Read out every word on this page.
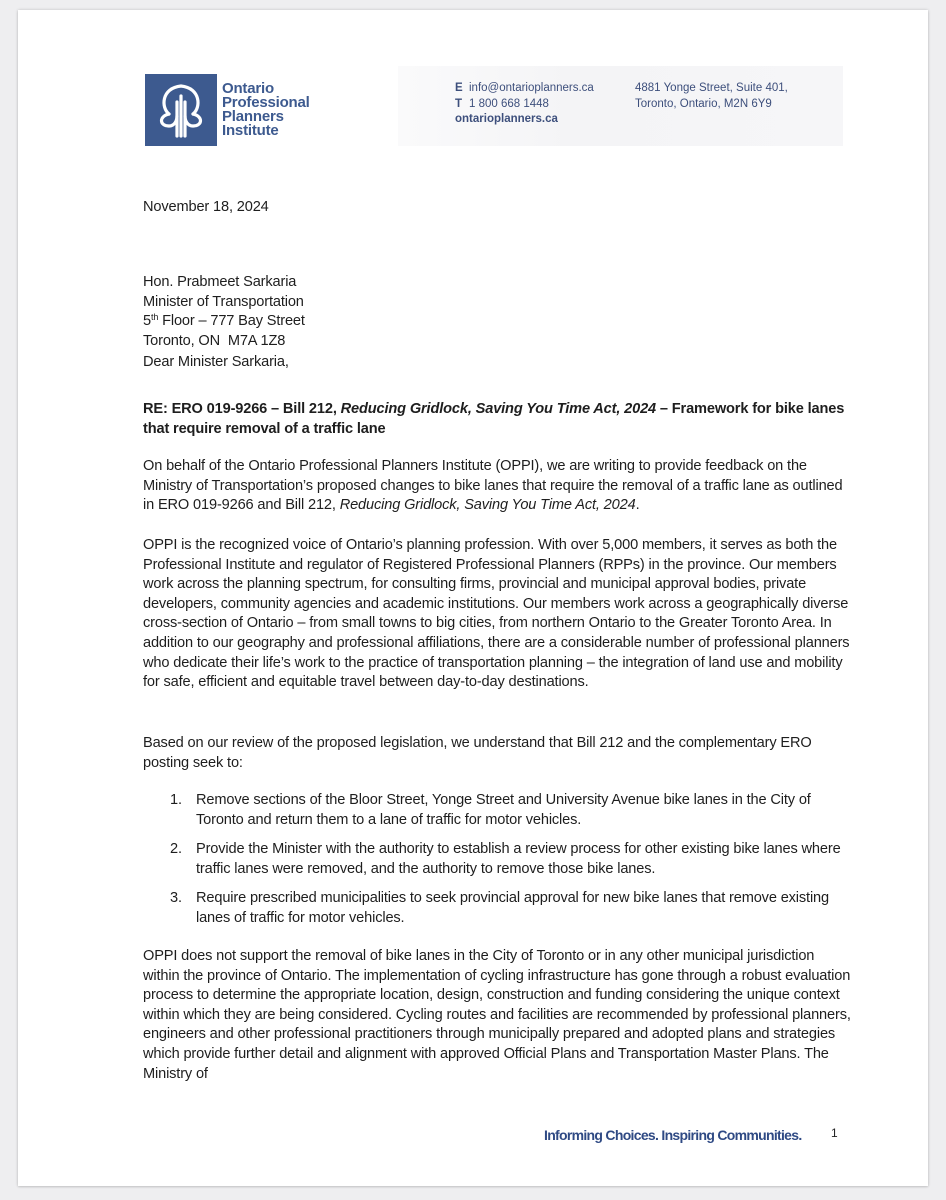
Ontario
Professional
Planners
Institute
E info@ontarioplanners.ca
T 1 800 668 1448
ontarioplanners.ca
4881 Yonge Street, Suite 401,
Toronto, Ontario, M2N 6Y9
November 18, 2024
Hon. Prabmeet Sarkaria
Minister of Transportation
5th Floor – 777 Bay Street
Toronto, ON  M7A 1Z8
Dear Minister Sarkaria,
RE: ERO 019-9266 – Bill 212, Reducing Gridlock, Saving You Time Act, 2024 – Framework for bike lanes that require removal of a traffic lane

On behalf of the Ontario Professional Planners Institute (OPPI), we are writing to provide feedback on the Ministry of Transportation’s proposed changes to bike lanes that require the removal of a traffic lane as outlined in ERO 019-9266 and Bill 212, Reducing Gridlock, Saving You Time Act, 2024.

OPPI is the recognized voice of Ontario’s planning profession. With over 5,000 members, it serves as both the Professional Institute and regulator of Registered Professional Planners (RPPs) in the province. Our members work across the planning spectrum, for consulting firms, provincial and municipal approval bodies, private developers, community agencies and academic institutions. Our members work across a geographically diverse cross-section of Ontario – from small towns to big cities, from northern Ontario to the Greater Toronto Area. In addition to our geography and professional affiliations, there are a considerable number of professional planners who dedicate their life’s work to the practice of transportation planning – the integration of land use and mobility for safe, efficient and equitable travel between day-to-day destinations.

Based on our review of the proposed legislation, we understand that Bill 212 and the complementary ERO posting seek to:

1. Remove sections of the Bloor Street, Yonge Street and University Avenue bike lanes in the City of Toronto and return them to a lane of traffic for motor vehicles.
2. Provide the Minister with the authority to establish a review process for other existing bike lanes where traffic lanes were removed, and the authority to remove those bike lanes.
3. Require prescribed municipalities to seek provincial approval for new bike lanes that remove existing lanes of traffic for motor vehicles.

OPPI does not support the removal of bike lanes in the City of Toronto or in any other municipal jurisdiction within the province of Ontario. The implementation of cycling infrastructure has gone through a robust evaluation process to determine the appropriate location, design, construction and funding considering the unique context within which they are being considered. Cycling routes and facilities are recommended by professional planners, engineers and other professional practitioners through municipally prepared and adopted plans and strategies which provide further detail and alignment with approved Official Plans and Transportation Master Plans. The Ministry of

Informing Choices. Inspiring Communities. 1
